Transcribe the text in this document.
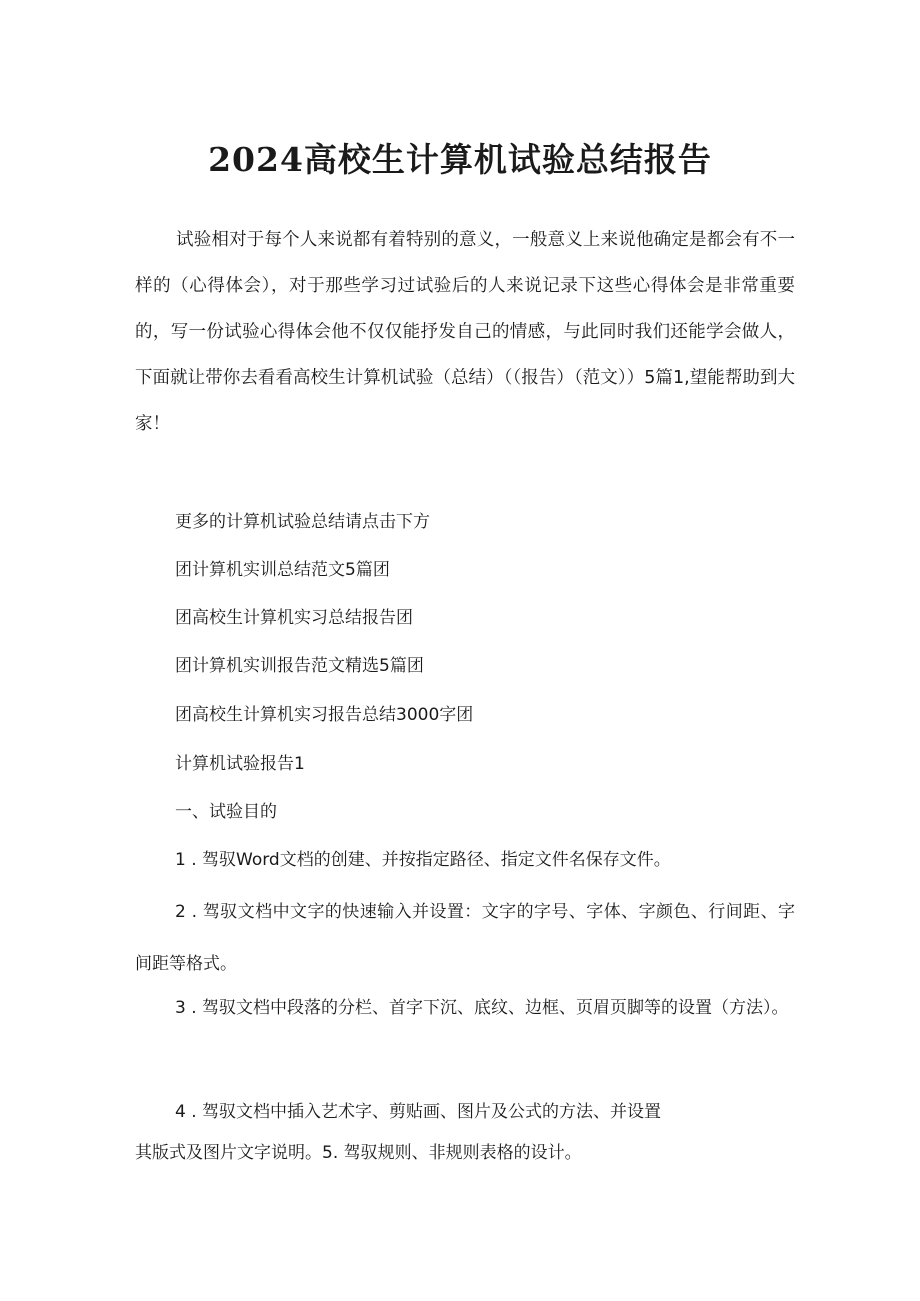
2024高校生计算机试验总结报告

试验相对于每个人来说都有着特别的意义，一般意义上来说他确定是都会有不一样的（心得体会），对于那些学习过试验后的人来说记录下这些心得体会是非常重要的，写一份试验心得体会他不仅仅能抒发自己的情感，与此同时我们还能学会做人，下面就让带你去看看高校生计算机试验（总结）（（报告）（范文））5篇1,望能帮助到大家！

更多的计算机试验总结请点击下方

团计算机实训总结范文5篇团

团高校生计算机实习总结报告团

团计算机实训报告范文精选5篇团

团高校生计算机实习报告总结3000字团

计算机试验报告1

一、试验目的

1 . 驾驭Word文档的创建、并按指定路径、指定文件名保存文件。

2 . 驾驭文档中文字的快速输入并设置：文字的字号、字体、字颜色、行间距、字间距等格式。

3 . 驾驭文档中段落的分栏、首字下沉、底纹、边框、页眉页脚等的设置（方法）。

4 . 驾驭文档中插入艺术字、剪贴画、图片及公式的方法、并设置

其版式及图片文字说明。5. 驾驭规则、非规则表格的设计。
